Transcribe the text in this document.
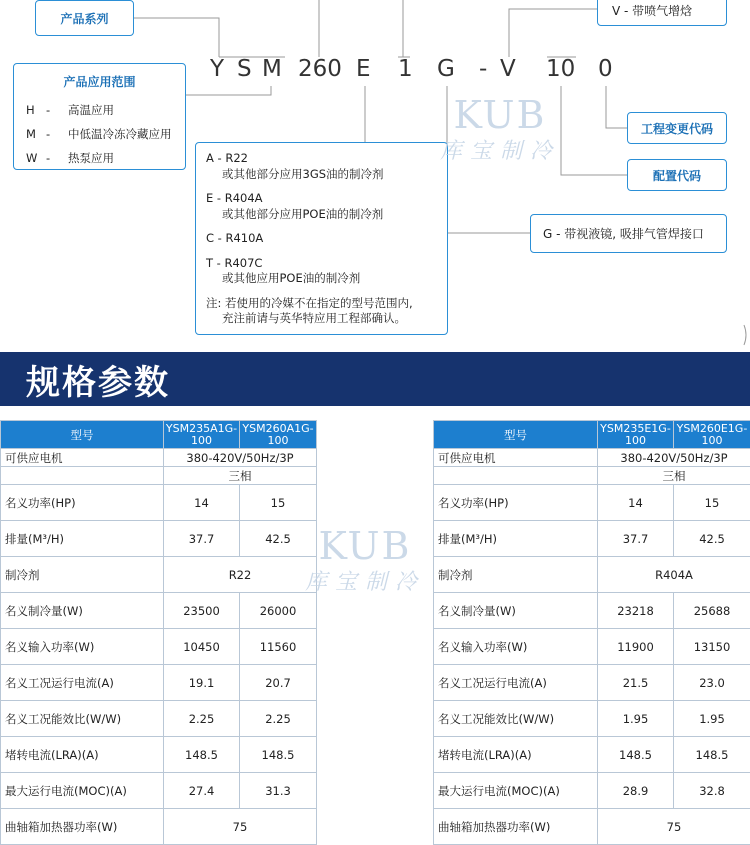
产品系列
Y S M 260 E 1 G - V 10 0
产品应用范围
H - 高温应用
M - 中低温冷冻冷藏应用
W - 热泵应用	A - R22
或其他部分应用3GS油的制冷剂
E - R404A
或其他部分应用POE油的制冷剂
C - R410A
T - R407C
或其他应用POE油的制冷剂
注: 若使用的冷媒不在指定的型号范围内,
充注前请与英华特应用工程部确认。
V - 带喷气增焓
工程变更代码
配置代码
G - 带视液镜, 吸排气管焊接口
KUB
库宝制冷
规格参数
型号	YSM235A1G-100	YSM260A1G-100
可供应电机	380-420V/50Hz/3P	
	三相	
名义功率(HP)	14	15
排量(M³/H)	37.7	42.5
制冷剂	R22	
名义制冷量(W)	23500	26000
名义输入功率(W)	10450	11560
名义工况运行电流(A)	19.1	20.7
名义工况能效比(W/W)	2.25	2.25
堵转电流(LRA)(A)	148.5	148.5
最大运行电流(MOC)(A)	27.4	31.3
曲轴箱加热器功率(W)	75	
型号	YSM235E1G-100	YSM260E1G-100
可供应电机	380-420V/50Hz/3P	
	三相	
名义功率(HP)	14	15
排量(M³/H)	37.7	42.5
制冷剂	R404A	
名义制冷量(W)	23218	25688
名义输入功率(W)	11900	13150
名义工况运行电流(A)	21.5	23.0
名义工况能效比(W/W)	1.95	1.95
堵转电流(LRA)(A)	148.5	148.5
最大运行电流(MOC)(A)	28.9	32.8
曲轴箱加热器功率(W)	75	
KUB
库宝制冷
